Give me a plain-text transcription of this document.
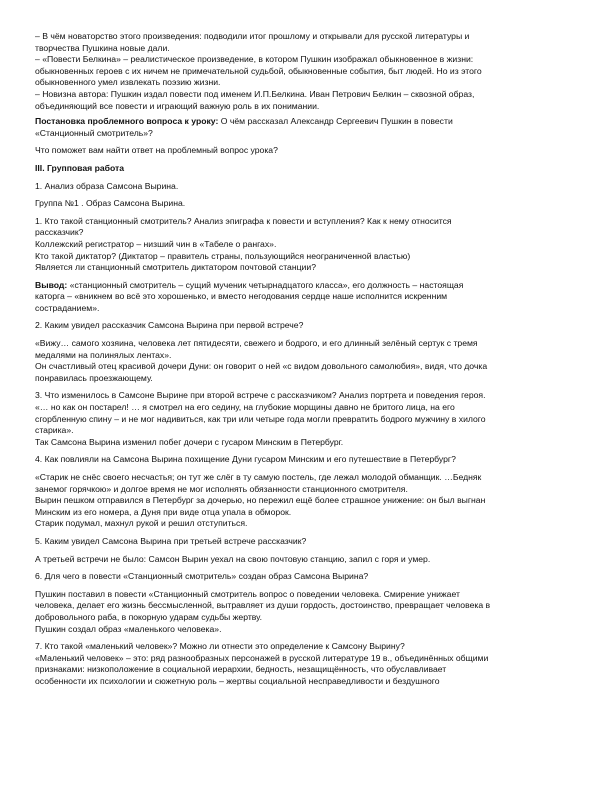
– В чём новаторство этого произведения: подводили итог прошлому и открывали для русской литературы и
творчества Пушкина новые дали.
– «Повести Белкина» – реалистическое произведение, в котором Пушкин изображал обыкновенное в жизни:
обыкновенных героев с их ничем не примечательной судьбой, обыкновенные события, быт людей. Но из этого
обыкновенного умел извлекать поэзию жизни.
– Новизна автора: Пушкин издал повести под именем И.П.Белкина. Иван Петрович Белкин – сквозной образ,
объединяющий все повести и играющий важную роль в их понимании.
Постановка проблемного вопроса к уроку: О чём рассказал Александр Сергеевич Пушкин в повести
«Станционный смотритель»?
Что поможет вам найти ответ на проблемный вопрос урока?
III. Групповая работа
1. Анализ образа Самсона Вырина.
Группа №1 . Образ Самсона Вырина.
1. Кто такой станционный смотритель? Анализ эпиграфа к повести и вступления? Как к нему относится
рассказчик?
Коллежский регистратор – низший чин в «Табеле о рангах».
Кто такой диктатор? (Диктатор – правитель страны, пользующийся неограниченной властью)
Является ли станционный смотритель диктатором почтовой станции?
Вывод: «станционный смотритель – сущий мученик четырнадцатого класса», его должность – настоящая
каторга – «вникнем во всё это хорошенько, и вместо негодования сердце наше исполнится искренним
состраданием».
2. Каким увидел рассказчик Самсона Вырина при первой встрече?
«Вижу… самого хозяина, человека лет пятидесяти, свежего и бодрого, и его длинный зелёный сертук с тремя
медалями на полинялых лентах».
Он счастливый отец красивой дочери Дуни: он говорит о ней «с видом довольного самолюбия», видя, что дочка
понравилась проезжающему.
3. Что изменилось в Самсоне Вырине при второй встрече с рассказчиком? Анализ портрета и поведения героя.
«… но как он постарел! … я смотрел на его седину, на глубокие морщины давно не бритого лица, на его
сгорбленную спину – и не мог надивиться, как три или четыре года могли превратить бодрого мужчину в хилого
старика».
Так Самсона Вырина изменил побег дочери с гусаром Минским в Петербург.
4. Как повлияли на Самсона Вырина похищение Дуни гусаром Минским и его путешествие в Петербург?
«Старик не снёс своего несчастья; он тут же слёг в ту самую постель, где лежал молодой обманщик. …Бедняк
занемог горячкою» и долгое время не мог исполнять обязанности станционного смотрителя.
Вырин пешком отправился в Петербург за дочерью, но пережил ещё более страшное унижение: он был выгнан
Минским из его номера, а Дуня при виде отца упала в обморок.
Старик подумал, махнул рукой и решил отступиться.
5. Каким увидел Самсона Вырина при третьей встрече рассказчик?
А третьей встречи не было: Самсон Вырин уехал на свою почтовую станцию, запил с горя и умер.
6. Для чего в повести «Станционный смотритель» создан образ Самсона Вырина?
Пушкин поставил в повести «Станционный смотритель вопрос о поведении человека. Смирение унижает
человека, делает его жизнь бессмысленной, вытравляет из души гордость, достоинство, превращает человека в
добровольного раба, в покорную ударам судьбы жертву.
Пушкин создал образ «маленького человека».
7. Кто такой «маленький человек»? Можно ли отнести это определение к Самсону Вырину?
«Маленький человек» – это: ряд разнообразных персонажей в русской литературе 19 в., объединённых общими
признаками: низкоположение в социальной иерархии, бедность, незащищённость, что обуславливает
особенности их психологии и сюжетную роль – жертвы социальной несправедливости и бездушного
